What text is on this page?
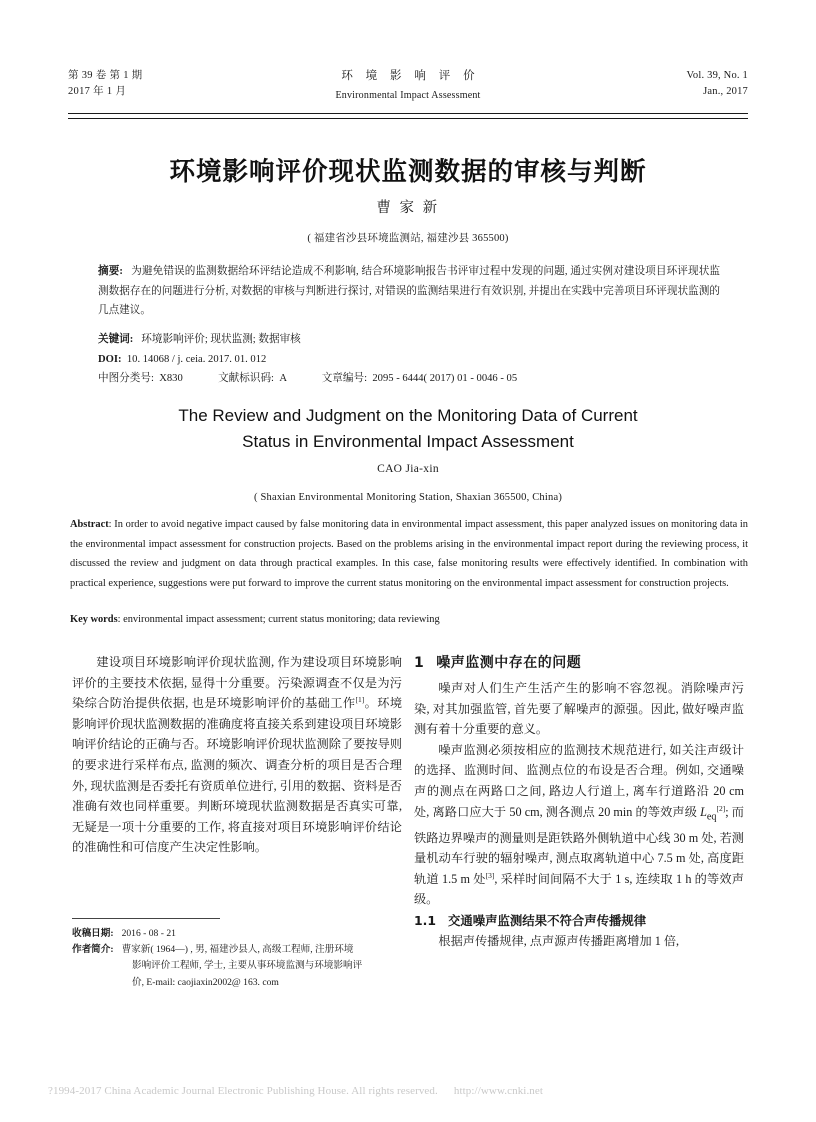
第 39 卷 第 1 期
2017 年 1 月
环 境 影 响 评 价
Environmental Impact Assessment
Vol. 39, No. 1
Jan., 2017
环境影响评价现状监测数据的审核与判断
曹 家 新
( 福建省沙县环境监测站, 福建沙县 365500)
摘要: 为避免错误的监测数据给环评结论造成不利影响, 结合环境影响报告书评审过程中发现的问题, 通过实例对建设项目环评现状监测数据存在的问题进行分析, 对数据的审核与判断进行探讨, 对错误的监测结果进行有效识别, 并提出在实践中完善项目环评现状监测的几点建议。
关键词: 环境影响评价; 现状监测; 数据审核
DOI: 10. 14068 / j. ceia. 2017. 01. 012
中图分类号: X830	文献标识码: A	文章编号: 2095 - 6444( 2017) 01 - 0046 - 05
The Review and Judgment on the Monitoring Data of Current
Status in Environmental Impact Assessment
CAO Jia-xin
( Shaxian Environmental Monitoring Station, Shaxian 365500, China)
Abstract: In order to avoid negative impact caused by false monitoring data in environmental impact assessment, this paper analyzed issues on monitoring data in the environmental impact assessment for construction projects. Based on the problems arising in the environmental impact report during the reviewing process, it discussed the review and judgment on data through practical examples. In this case, false monitoring results were effectively identified. In combination with practical experience, suggestions were put forward to improve the current status monitoring on the environmental impact assessment for construction projects.
Key words: environmental impact assessment; current status monitoring; data reviewing

建设项目环境影响评价现状监测, 作为建设项目环境影响评价的主要技术依据, 显得十分重要。污染源调查不仅是为污染综合防治提供依据, 也是环境影响评价的基础工作[1]。环境影响评价现状监测数据的准确度将直接关系到建设项目环境影响评价结论的正确与否。环境影响评价现状监测除了要按导则的要求进行采样布点, 监测的频次、调查分析的项目是否合理外, 现状监测是否委托有资质单位进行, 引用的数据、资料是否准确有效也同样重要。判断环境现状监测数据是否真实可靠, 无疑是一项十分重要的工作, 将直接对项目环境影响评价结论的准确性和可信度产生决定性影响。

1 噪声监测中存在的问题

噪声对人们生产生活产生的影响不容忽视。消除噪声污染, 对其加强监管, 首先要了解噪声的源强。因此, 做好噪声监测有着十分重要的意义。

噪声监测必须按相应的监测技术规范进行, 如关注声级计的选择、监测时间、监测点位的布设是否合理。例如, 交通噪声的测点在两路口之间, 路边人行道上, 离车行道路沿 20 cm 处, 离路口应大于 50 cm, 测各测点 20 min 的等效声级 $L_{eq}[2]$; 而铁路边界噪声的测量则是距铁路外侧轨道中心线 30 m 处, 若测量机动车行驶的辐射噪声, 测点取离轨道中心 7.5 m 处, 高度距轨道 1.5 m 处[3], 采样时间间隔不大于 1 s, 连续取 1 h 的等效声级。

1.1 交通噪声监测结果不符合声传播规律

根据声传播规律, 点声源声传播距离增加 1 倍,

收稿日期: 2016 - 08 - 21
作者简介: 曹家新( 1964—) , 男, 福建沙县人, 高级工程师, 注册环境
影响评价工程师, 学士, 主要从事环境监测与环境影响评
价, E-mail: caojiaxin2002@ 163. com
?1994-2017 China Academic Journal Electronic Publishing House. All rights reserved. http://www.cnki.net
